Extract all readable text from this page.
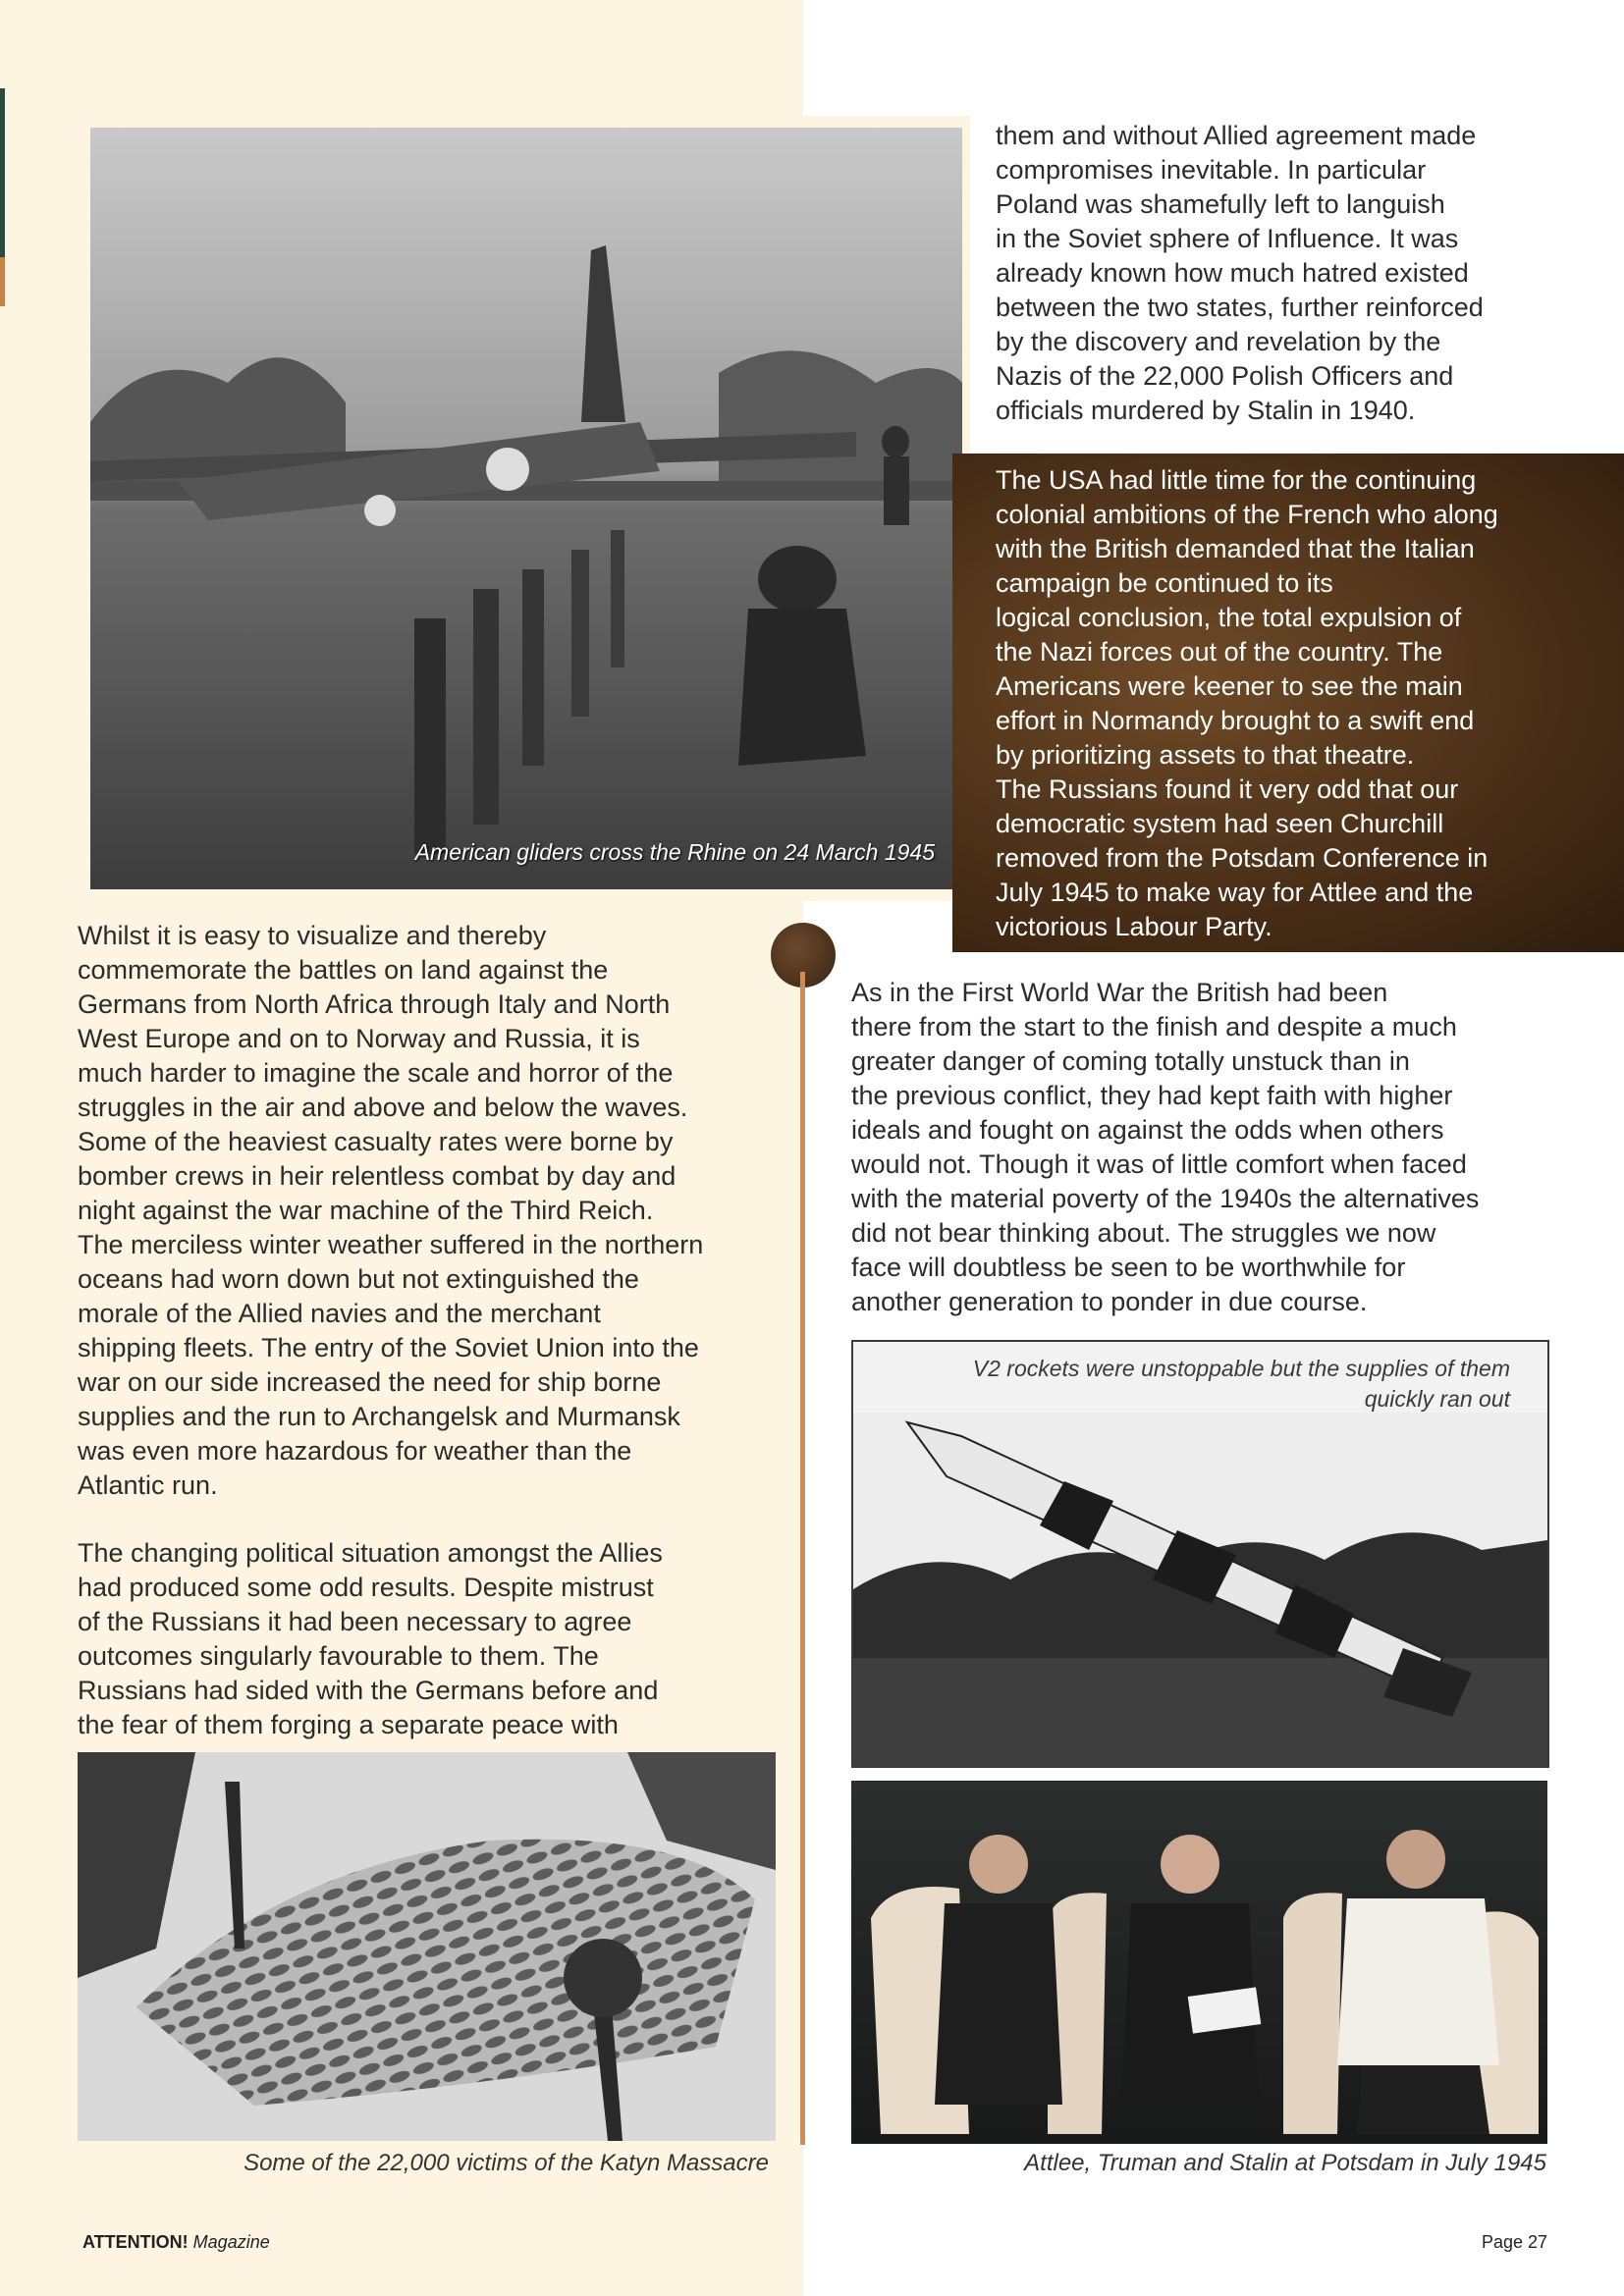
American gliders cross the Rhine on 24 March 1945

them and without Allied agreement made
compromises inevitable. In particular
Poland was shamefully left to languish
in the Soviet sphere of Influence. It was
already known how much hatred existed
between the two states, further reinforced
by the discovery and revelation by the
Nazis of the 22,000 Polish Officers and
officials murdered by Stalin in 1940.

The USA had little time for the continuing
colonial ambitions of the French who along
with the British demanded that the Italian
campaign be continued to its
logical conclusion, the total expulsion of
the Nazi forces out of the country. The
Americans were keener to see the main
effort in Normandy brought to a swift end
by prioritizing assets to that theatre.
The Russians found it very odd that our
democratic system had seen Churchill
removed from the Potsdam Conference in
July 1945 to make way for Attlee and the
victorious Labour Party.

Whilst it is easy to visualize and thereby
commemorate the battles on land against the
Germans from North Africa through Italy and North
West Europe and on to Norway and Russia, it is
much harder to imagine the scale and horror of the
struggles in the air and above and below the waves.
Some of the heaviest casualty rates were borne by
bomber crews in heir relentless combat by day and
night against the war machine of the Third Reich.
The merciless winter weather suffered in the northern
oceans had worn down but not extinguished the
morale of the Allied navies and the merchant
shipping fleets. The entry of the Soviet Union into the
war on our side increased the need for ship borne
supplies and the run to Archangelsk and Murmansk
was even more hazardous for weather than the
Atlantic run.

The changing political situation amongst the Allies
had produced some odd results. Despite mistrust
of the Russians it had been necessary to agree
outcomes singularly favourable to them. The
Russians had sided with the Germans before and
the fear of them forging a separate peace with

As in the First World War the British had been
there from the start to the finish and despite a much
greater danger of coming totally unstuck than in
the previous conflict, they had kept faith with higher
ideals and fought on against the odds when others
would not. Though it was of little comfort when faced
with the material poverty of the 1940s the alternatives
did not bear thinking about. The struggles we now
face will doubtless be seen to be worthwhile for
another generation to ponder in due course.

V2 rockets were unstoppable but the supplies of them
quickly ran out
Some of the 22,000 victims of the Katyn Massacre	Attlee, Truman and Stalin at Potsdam in July 1945
ATTENTION! Magazine	Page 27
